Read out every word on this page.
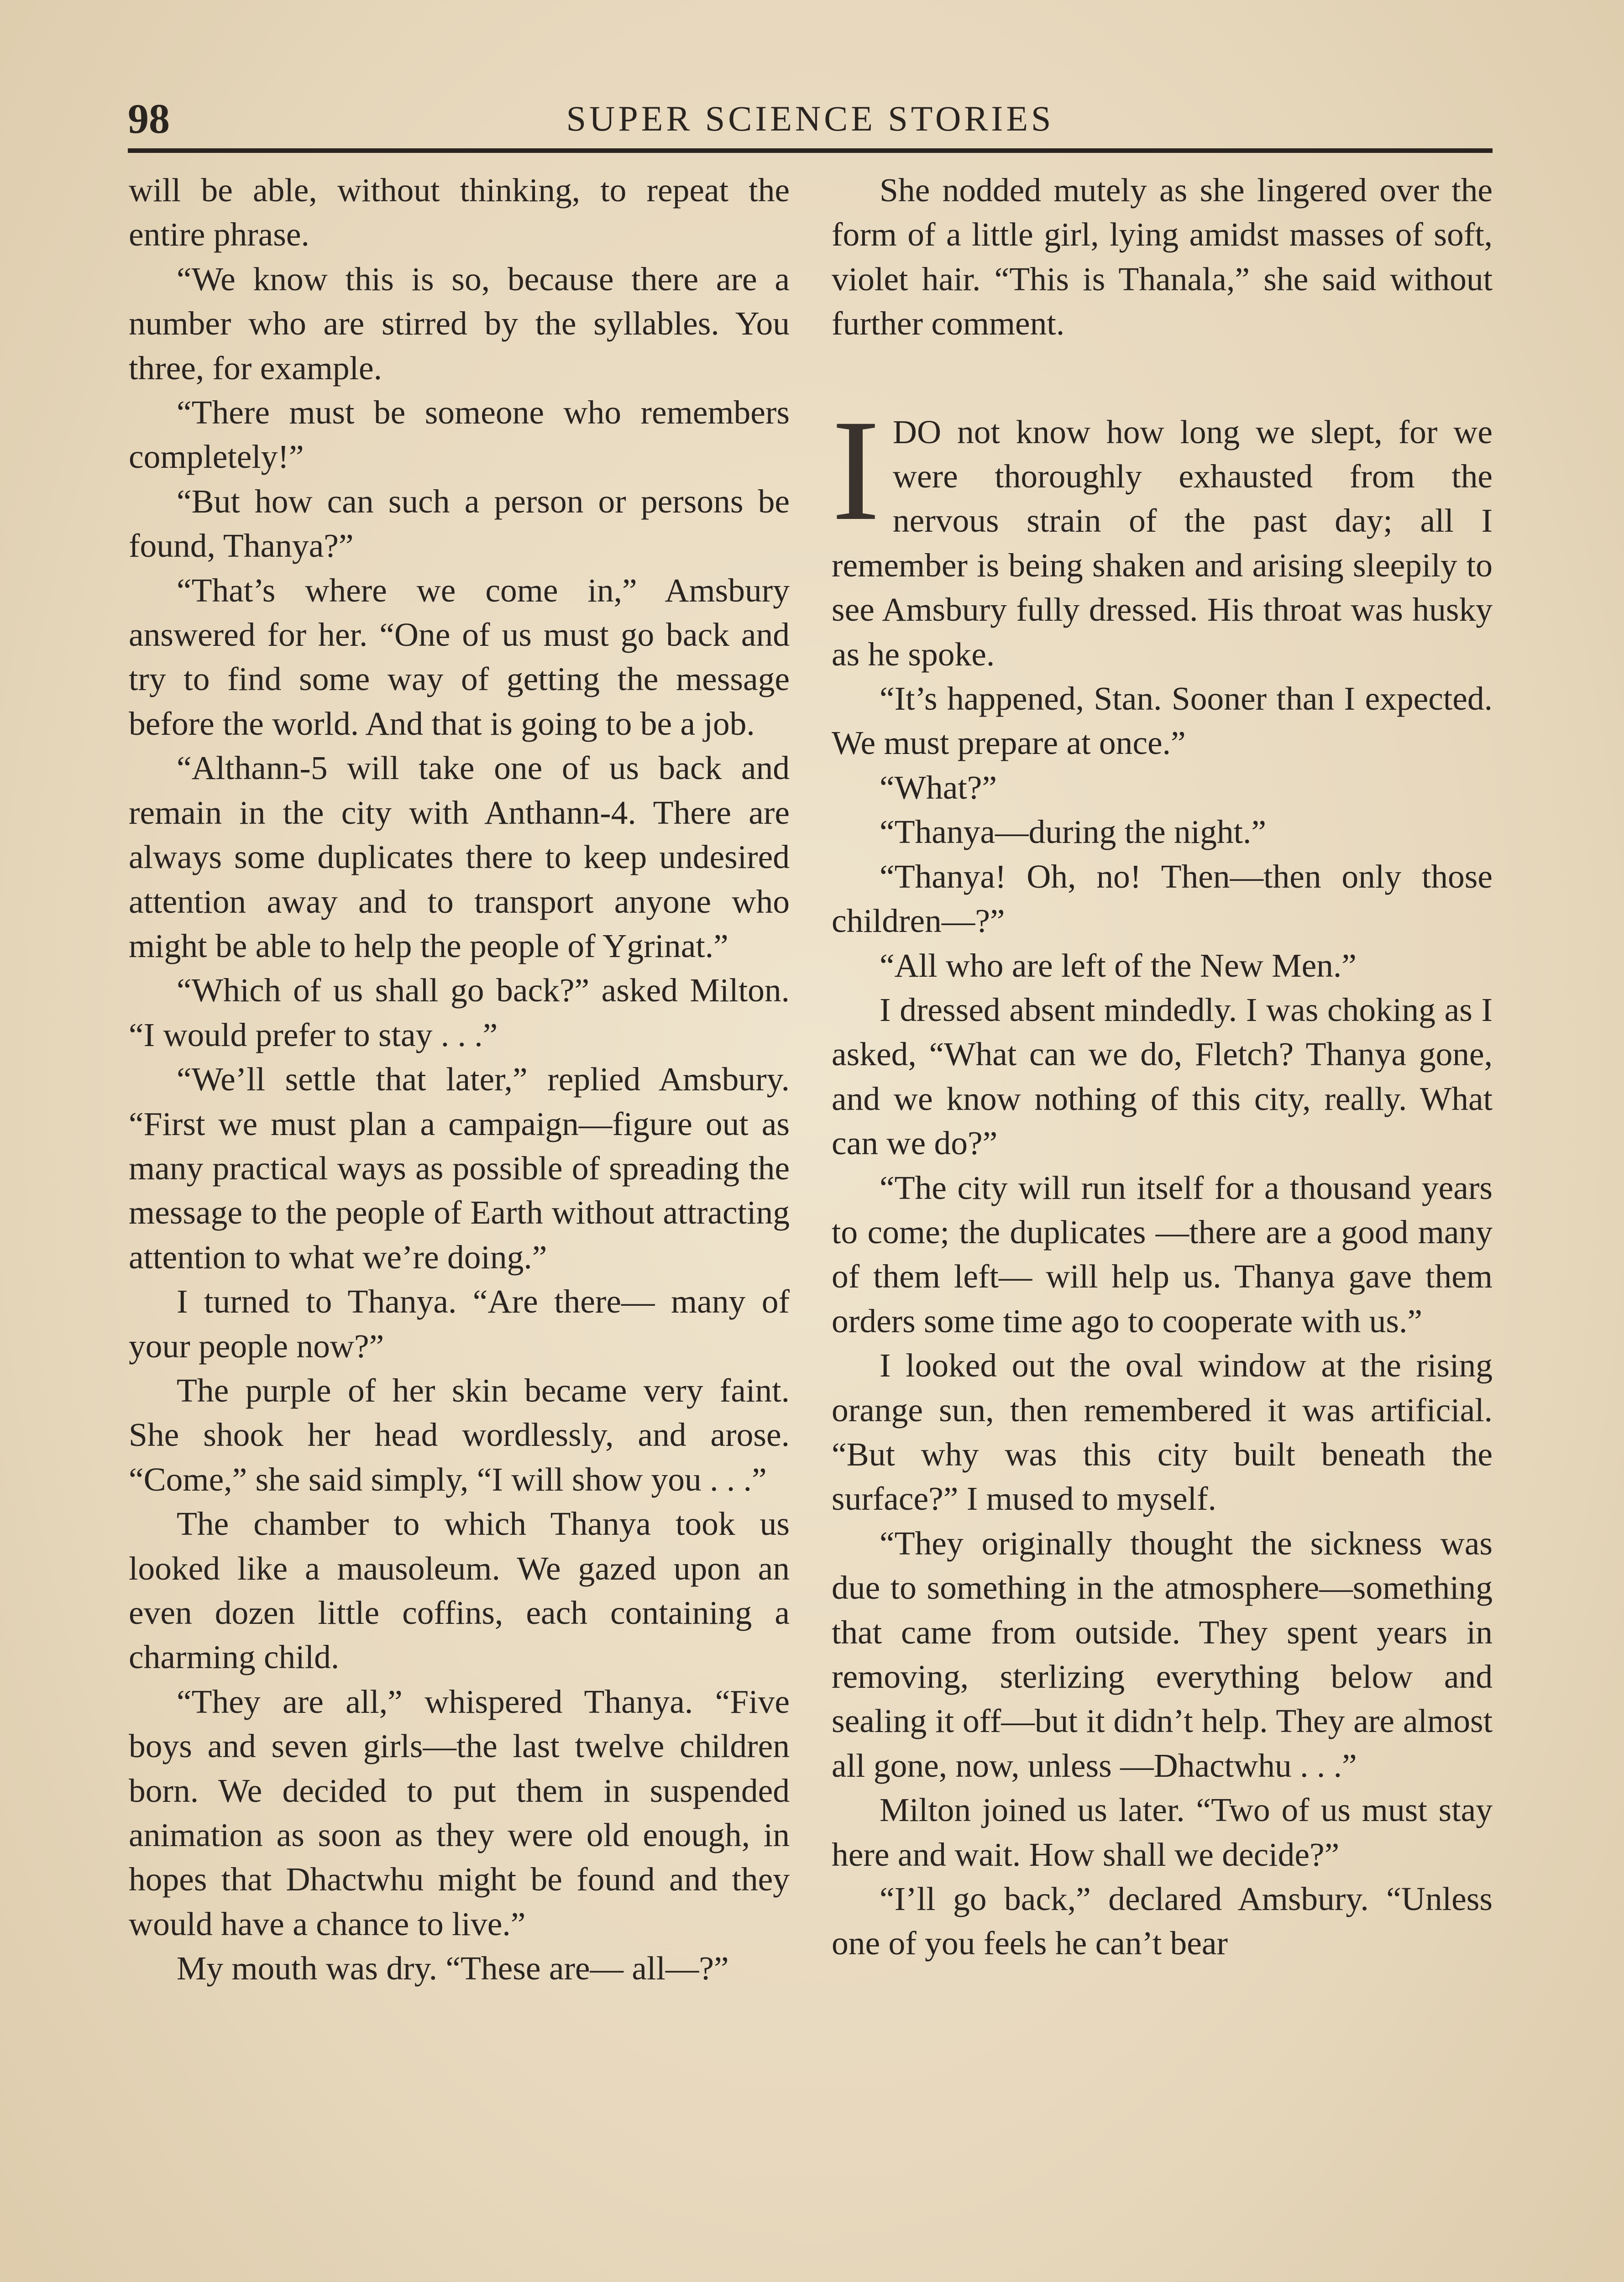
98	SUPER SCIENCE STORIES

will be able, without thinking, to repeat the entire phrase.

“We know this is so, because there are a number who are stirred by the syllables. You three, for example.

“There must be someone who remembers completely!”

“But how can such a person or persons be found, Thanya?”

“That’s where we come in,” Amsbury answered for her. “One of us must go back and try to find some way of getting the message before the world. And that is going to be a job.

“Althann-5 will take one of us back and remain in the city with Anthann-4. There are always some duplicates there to keep undesired attention away and to transport anyone who might be able to help the people of Ygrinat.”

“Which of us shall go back?” asked Milton. “I would prefer to stay . . .”

“We’ll settle that later,” replied Amsbury. “First we must plan a campaign—figure out as many practical ways as possible of spreading the message to the people of Earth without attracting attention to what we’re doing.”

I turned to Thanya. “Are there— many of your people now?”

The purple of her skin became very faint. She shook her head wordlessly, and arose. “Come,” she said simply, “I will show you . . .”

The chamber to which Thanya took us looked like a mausoleum. We gazed upon an even dozen little coffins, each containing a charming child.

“They are all,” whispered Thanya. “Five boys and seven girls—the last twelve children born. We decided to put them in suspended animation as soon as they were old enough, in hopes that Dhactwhu might be found and they would have a chance to live.”

My mouth was dry. “These are— all—?”

She nodded mutely as she lingered over the form of a little girl, lying amidst masses of soft, violet hair. “This is Thanala,” she said without further comment.

IDO not know how long we slept, for we were thoroughly exhausted from the nervous strain of the past day; all I remember is being shaken and arising sleepily to see Amsbury fully dressed. His throat was husky as he spoke.

“It’s happened, Stan. Sooner than I expected. We must prepare at once.”

“What?”

“Thanya—during the night.”

“Thanya! Oh, no! Then—then only those children—?”

“All who are left of the New Men.”

I dressed absent mindedly. I was choking as I asked, “What can we do, Fletch? Thanya gone, and we know nothing of this city, really. What can we do?”

“The city will run itself for a thousand years to come; the duplicates —there are a good many of them left— will help us. Thanya gave them orders some time ago to cooperate with us.”

I looked out the oval window at the rising orange sun, then remembered it was artificial. “But why was this city built beneath the surface?” I mused to myself.

“They originally thought the sickness was due to something in the atmosphere—something that came from outside. They spent years in removing, sterlizing everything below and sealing it off—but it didn’t help. They are almost all gone, now, unless —Dhactwhu . . .”

Milton joined us later. “Two of us must stay here and wait. How shall we decide?”

“I’ll go back,” declared Amsbury. “Unless one of you feels he can’t bear
